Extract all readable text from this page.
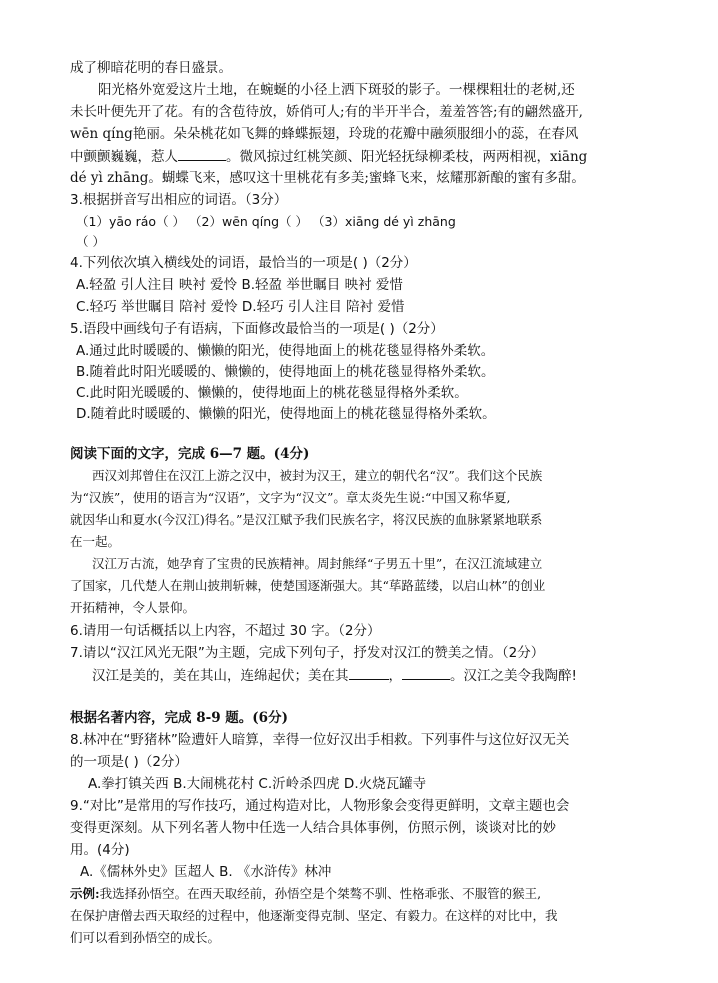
成了柳暗花明的春日盛景。
阳光格外宽爱这片土地，在蜿蜒的小径上洒下斑驳的影子。一棵棵粗壮的老树,还
未长叶便先开了花。有的含苞待放，娇俏可人;有的半开半合，羞羞答答;有的翩然盛开,
wēn qíng艳丽。朵朵桃花如飞舞的蜂蝶振翅，玲珑的花瓣中融须服细小的蕊，在春风
中颤颤巍巍，惹人	。微风掠过红桃笑颜、阳光轻抚绿柳柔枝，两两相视，xiāng
dé yì zhāng。蝴蝶飞来，感叹这十里桃花有多美;蜜蜂飞来，炫耀那新酿的蜜有多甜。
3.根据拼音写出相应的词语。（3分）
（1）yāo ráo（ ） （2）wēn qíng（ ） （3）xiāng dé yì zhāng
（ ）
4.下列依次填入横线处的词语，最恰当的一项是( )（2分）
A.轻盈 引人注目 映衬 爱怜 B.轻盈 举世瞩目 映衬 爱惜
C.轻巧 举世瞩目 陪衬 爱怜 D.轻巧 引人注目 陪衬 爱惜
5.语段中画线句子有语病，下面修改最恰当的一项是( )（2分）
A.通过此时暖暖的、懒懒的阳光，使得地面上的桃花毯显得格外柔软。
B.随着此时阳光暖暖的、懒懒的，使得地面上的桃花毯显得格外柔软。
C.此时阳光暖暖的、懒懒的，使得地面上的桃花毯显得格外柔软。
D.随着此时暖暖的、懒懒的阳光，使得地面上的桃花毯显得格外柔软。
阅读下面的文字，完成 6—7 题。(4分)
西汉刘邦曾住在汉江上游之汉中，被封为汉王，建立的朝代名“汉”。我们这个民族
为“汉族”，使用的语言为“汉语”，文字为“汉文”。章太炎先生说:“中国又称华夏,
就因华山和夏水(今汉江)得名。”是汉江赋予我们民族名字，将汉民族的血脉紧紧地联系
在一起。
汉江万古流，她孕育了宝贵的民族精神。周封熊绎“子男五十里”，在汉江流域建立
了国家，几代楚人在荆山披荆斩棘，使楚国逐渐强大。其“荜路蓝缕，以启山林”的创业
开拓精神，令人景仰。
6.请用一句话概括以上内容，不超过 30 字。（2分）
7.请以“汉江风光无限”为主题，完成下列句子，抒发对汉江的赞美之情。（2分）
汉江是美的，美在其山，连绵起伏；美在其	，	。汉江之美令我陶醉!
根据名著内容，完成 8-9 题。(6分)
8.林冲在“野猪林”险遭奸人暗算，幸得一位好汉出手相救。下列事件与这位好汉无关
的一项是( )（2分）
A.拳打镇关西 B.大闹桃花村 C.沂岭杀四虎 D.火烧瓦罐寺
9.“对比”是常用的写作技巧，通过构造对比，人物形象会变得更鲜明，文章主题也会
变得更深刻。从下列名著人物中任选一人结合具体事例，仿照示例，谈谈对比的妙
用。(4分)
A.《儒林外史》匡超人 B. 《水浒传》林冲
示例:我选择孙悟空。在西天取经前，孙悟空是个桀骜不驯、性格乖张、不服管的猴王,
在保护唐僧去西天取经的过程中，他逐渐变得克制、坚定、有毅力。在这样的对比中，我
们可以看到孙悟空的成长。
